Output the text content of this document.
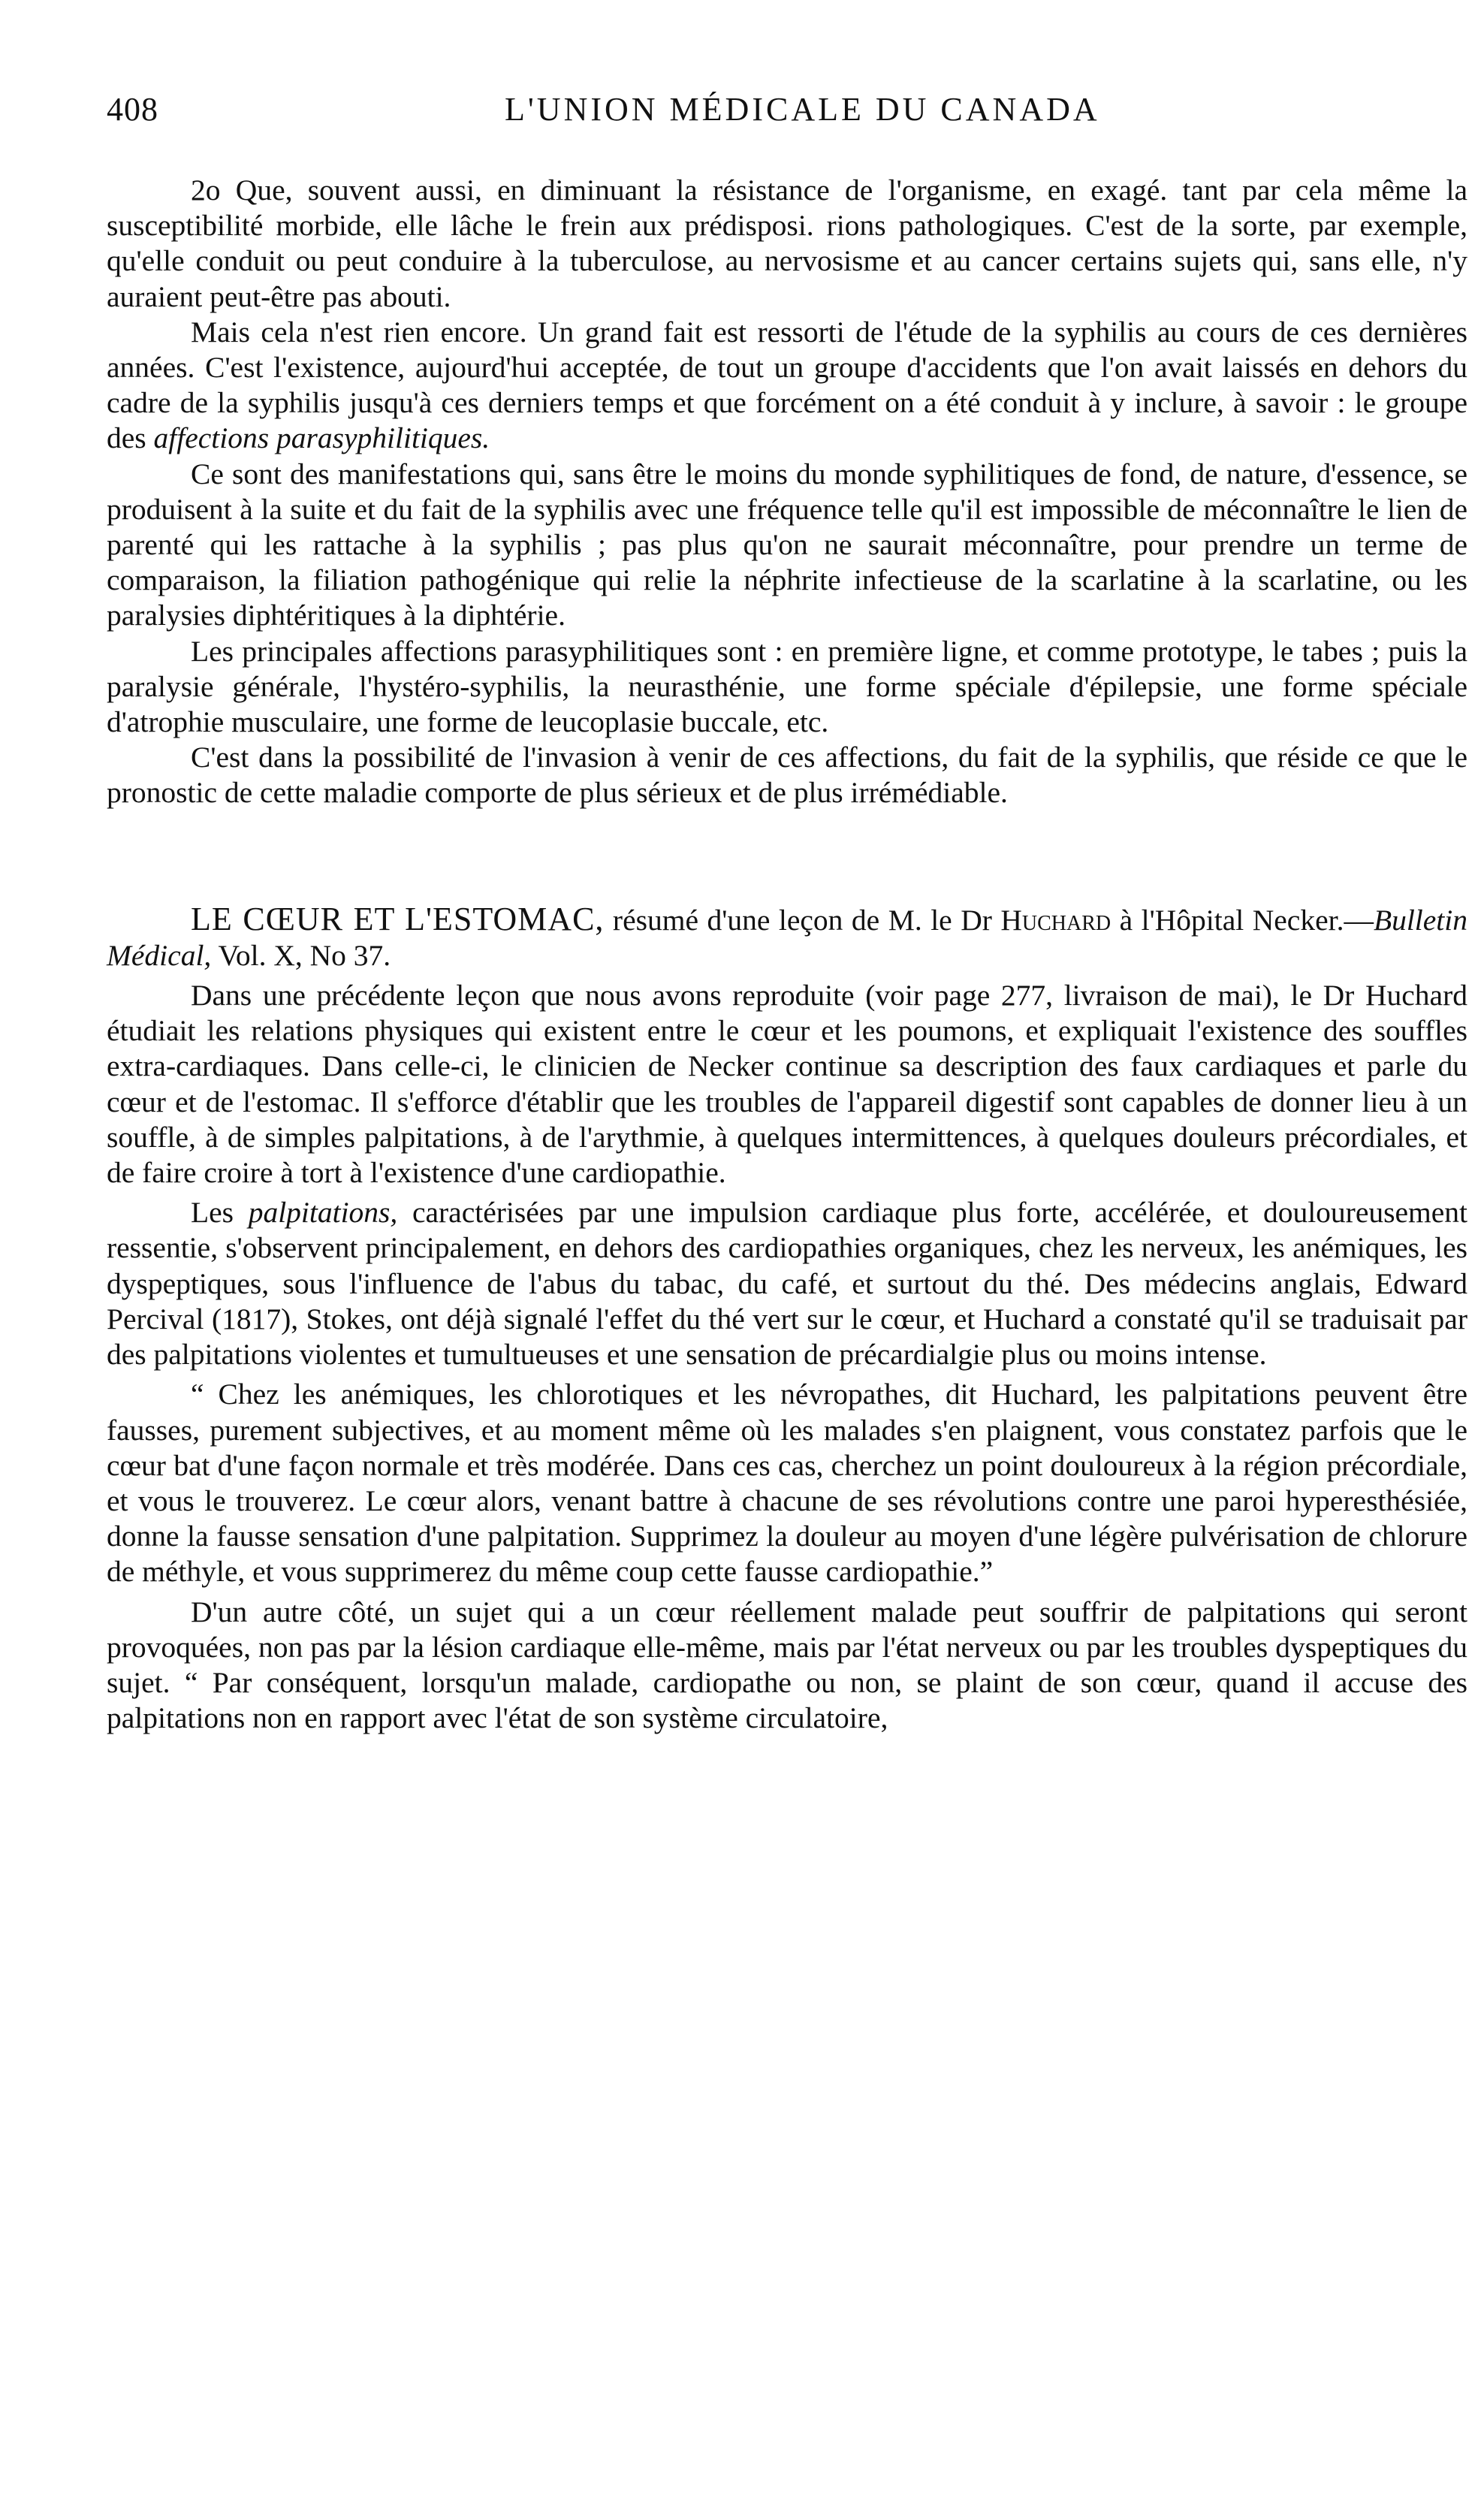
408	L'UNION MÉDICALE DU CANADA

2o Que, souvent aussi, en diminuant la résistance de l'organisme, en exagé. tant par cela même la susceptibilité morbide, elle lâche le frein aux prédisposi. rions pathologiques. C'est de la sorte, par exemple, qu'elle conduit ou peut conduire à la tuberculose, au nervosisme et au cancer certains sujets qui, sans elle, n'y auraient peut-être pas abouti.

Mais cela n'est rien encore. Un grand fait est ressorti de l'étude de la syphilis au cours de ces dernières années. C'est l'existence, aujourd'hui acceptée, de tout un groupe d'accidents que l'on avait laissés en dehors du cadre de la syphilis jusqu'à ces derniers temps et que forcément on a été conduit à y inclure, à savoir : le groupe des affections parasyphilitiques.

Ce sont des manifestations qui, sans être le moins du monde syphilitiques de fond, de nature, d'essence, se produisent à la suite et du fait de la syphilis avec une fréquence telle qu'il est impossible de méconnaître le lien de parenté qui les rattache à la syphilis ; pas plus qu'on ne saurait méconnaître, pour prendre un terme de comparaison, la filiation pathogénique qui relie la néphrite infectieuse de la scarlatine à la scarlatine, ou les paralysies diphtéritiques à la diphtérie.

Les principales affections parasyphilitiques sont : en première ligne, et comme prototype, le tabes ; puis la paralysie générale, l'hystéro-syphilis, la neurasthénie, une forme spéciale d'épilepsie, une forme spéciale d'atrophie musculaire, une forme de leucoplasie buccale, etc.

C'est dans la possibilité de l'invasion à venir de ces affections, du fait de la syphilis, que réside ce que le pronostic de cette maladie comporte de plus sérieux et de plus irrémédiable.

LE CŒUR ET L'ESTOMAC, résumé d'une leçon de M. le Dr Huchard à l'Hôpital Necker.—Bulletin Médical, Vol. X, No 37.

Dans une précédente leçon que nous avons reproduite (voir page 277, livraison de mai), le Dr Huchard étudiait les relations physiques qui existent entre le cœur et les poumons, et expliquait l'existence des souffles extra-cardiaques. Dans celle-ci, le clinicien de Necker continue sa description des faux cardiaques et parle du cœur et de l'estomac. Il s'efforce d'établir que les troubles de l'appareil digestif sont capables de donner lieu à un souffle, à de simples palpitations, à de l'arythmie, à quelques intermittences, à quelques douleurs précordiales, et de faire croire à tort à l'existence d'une cardiopathie.

Les palpitations, caractérisées par une impulsion cardiaque plus forte, accélérée, et douloureusement ressentie, s'observent principalement, en dehors des cardiopathies organiques, chez les nerveux, les anémiques, les dyspeptiques, sous l'influence de l'abus du tabac, du café, et surtout du thé. Des médecins anglais, Edward Percival (1817), Stokes, ont déjà signalé l'effet du thé vert sur le cœur, et Huchard a constaté qu'il se traduisait par des palpitations violentes et tumultueuses et une sensation de précardialgie plus ou moins intense.

“ Chez les anémiques, les chlorotiques et les névropathes, dit Huchard, les palpitations peuvent être fausses, purement subjectives, et au moment même où les malades s'en plaignent, vous constatez parfois que le cœur bat d'une façon normale et très modérée. Dans ces cas, cherchez un point douloureux à la région précordiale, et vous le trouverez. Le cœur alors, venant battre à chacune de ses révolutions contre une paroi hyperesthésiée, donne la fausse sensation d'une palpitation. Supprimez la douleur au moyen d'une légère pulvérisation de chlorure de méthyle, et vous supprimerez du même coup cette fausse cardiopathie.”

D'un autre côté, un sujet qui a un cœur réellement malade peut souffrir de palpitations qui seront provoquées, non pas par la lésion cardiaque elle-même, mais par l'état nerveux ou par les troubles dyspeptiques du sujet. “ Par conséquent, lorsqu'un malade, cardiopathe ou non, se plaint de son cœur, quand il accuse des palpitations non en rapport avec l'état de son système circulatoire,
